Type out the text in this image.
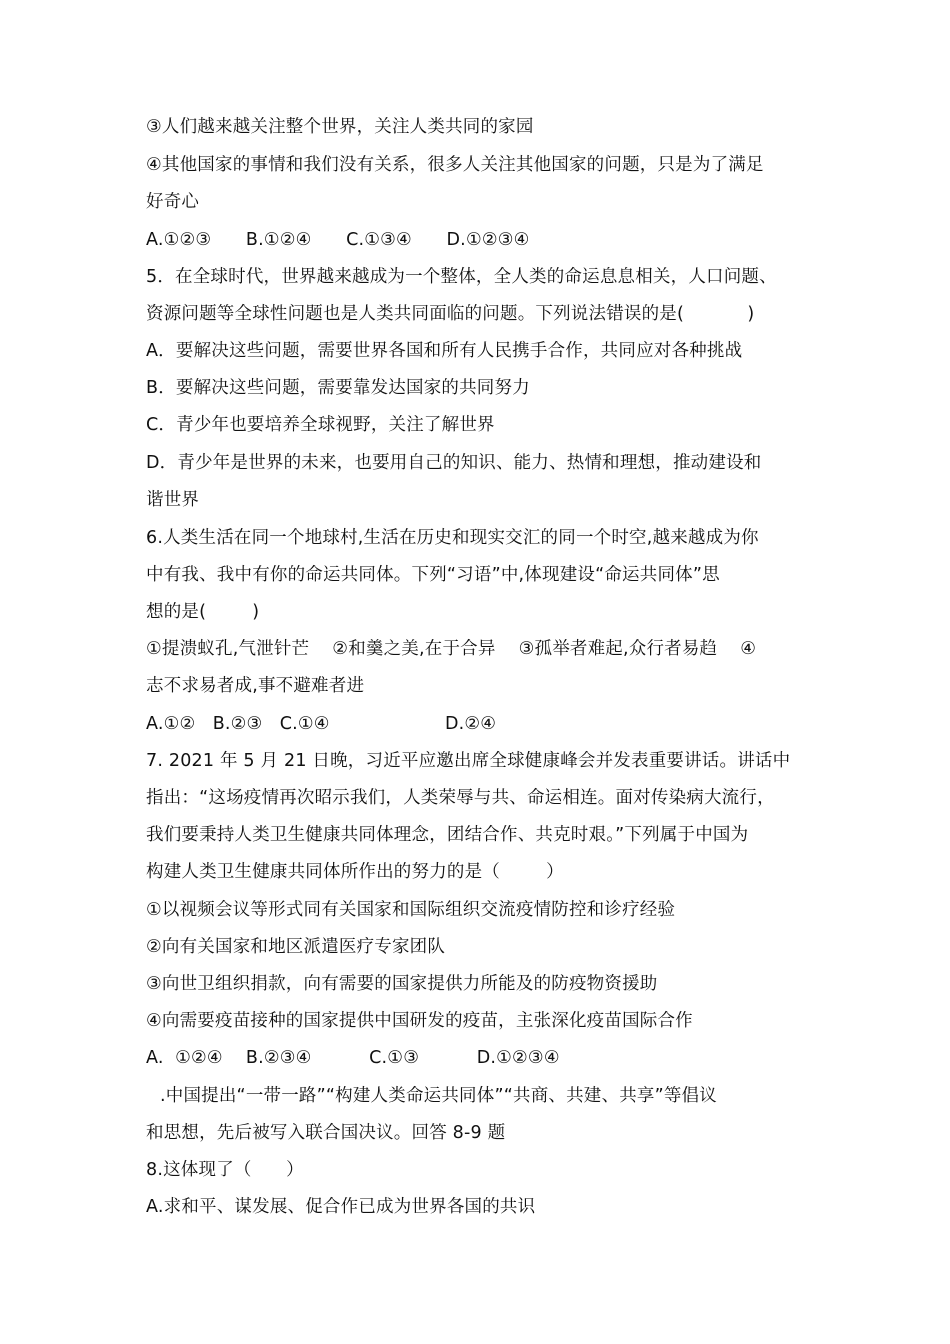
③人们越来越关注整个世界，关注人类共同的家园
④其他国家的事情和我们没有关系，很多人关注其他国家的问题，只是为了满足
好奇心
A.①②③      B.①②④      C.①③④      D.①②③④
5．在全球时代，世界越来越成为一个整体，全人类的命运息息相关，人口问题、
资源问题等全球性问题也是人类共同面临的问题。下列说法错误的是(           )
A．要解决这些问题，需要世界各国和所有人民携手合作，共同应对各种挑战
B．要解决这些问题，需要靠发达国家的共同努力
C．青少年也要培养全球视野，关注了解世界
D．青少年是世界的未来，也要用自己的知识、能力、热情和理想，推动建设和
谐世界
6.人类生活在同一个地球村,生活在历史和现实交汇的同一个时空,越来越成为你
中有我、我中有你的命运共同体。下列“习语”中,体现建设“命运共同体”思
想的是(        )
①提溃蚁孔,气泄针芒    ②和羹之美,在于合异    ③孤举者难起,众行者易趋    ④
志不求易者成,事不避难者进
A.①②   B.②③   C.①④                    D.②④
7. 2021 年 5 月 21 日晚，习近平应邀出席全球健康峰会并发表重要讲话。讲话中
指出：“这场疫情再次昭示我们，人类荣辱与共、命运相连。面对传染病大流行，
我们要秉持人类卫生健康共同体理念，团结合作、共克时艰。”下列属于中国为
构建人类卫生健康共同体所作出的努力的是（        ）
①以视频会议等形式同有关国家和国际组织交流疫情防控和诊疗经验
②向有关国家和地区派遣医疗专家团队
③向世卫组织捐款，向有需要的国家提供力所能及的防疫物资援助
④向需要疫苗接种的国家提供中国研发的疫苗，主张深化疫苗国际合作
A.  ①②④    B.②③④          C.①③          D.①②③④
.中国提出“一带一路”“构建人类命运共同体”“共商、共建、共享”等倡议
和思想，先后被写入联合国决议。回答 8-9 题
8.这体现了（      ）
A.求和平、谋发展、促合作已成为世界各国的共识
